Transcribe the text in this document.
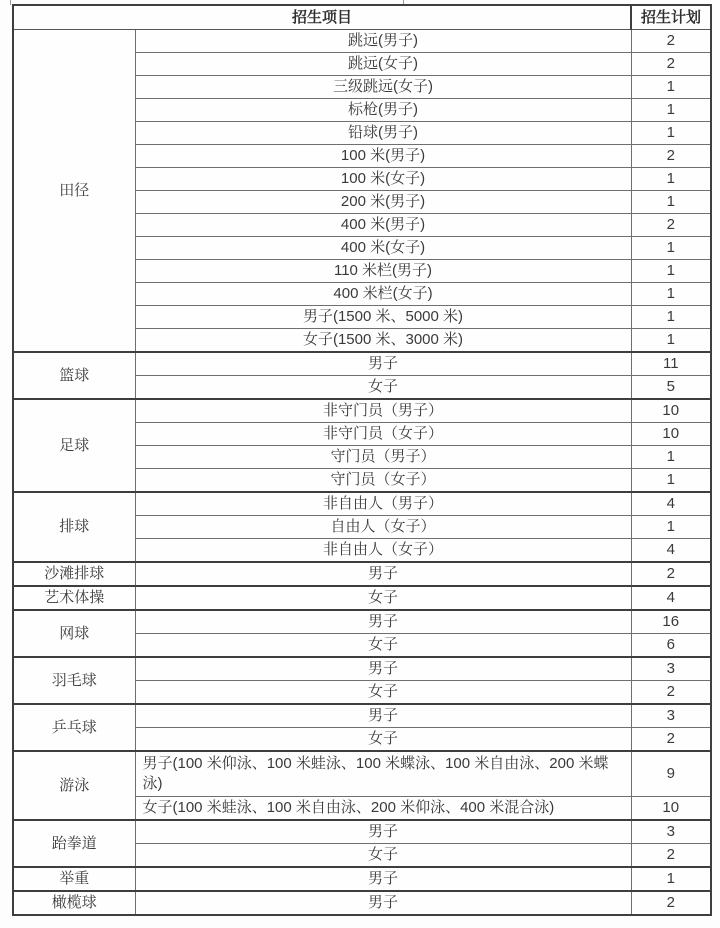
招生项目		招生计划
田径	跳远(男子)	2
	跳远(女子)	2
	三级跳远(女子)	1
	标枪(男子)	1
	铅球(男子)	1
	100 米(男子)	2
	100 米(女子)	1
	200 米(男子)	1
	400 米(男子)	2
	400 米(女子)	1
	110 米栏(男子)	1
	400 米栏(女子)	1
	男子(1500 米、5000 米)	1
	女子(1500 米、3000 米)	1
篮球	男子	11
	女子	5
足球	非守门员（男子）	10
	非守门员（女子）	10
	守门员（男子）	1
	守门员（女子）	1
排球	非自由人（男子）	4
	自由人（女子）	1
	非自由人（女子）	4
沙滩排球	男子	2
艺术体操	女子	4
网球	男子	16
	女子	6
羽毛球	男子	3
	女子	2
乒乓球	男子	3
	女子	2
游泳	男子(100 米仰泳、100 米蛙泳、100 米蝶泳、100 米自由泳、200 米蝶泳)	9
	女子(100 米蛙泳、100 米自由泳、200 米仰泳、400 米混合泳)	10
跆拳道	男子	3
	女子	2
举重	男子	1
橄榄球	男子	2
